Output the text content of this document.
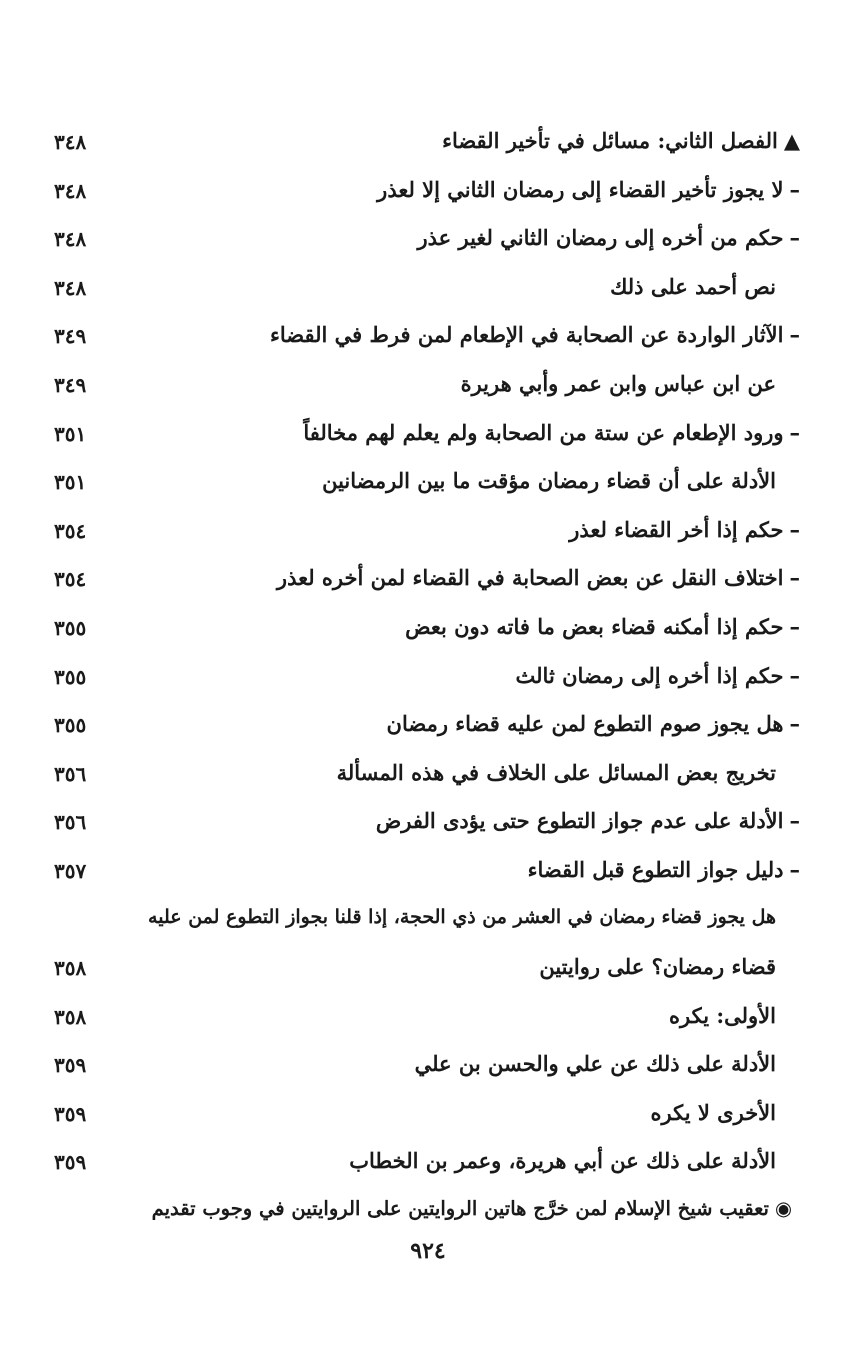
▲الفصل الثاني: مسائل في تأخير القضاء
٣٤٨
–لا يجوز تأخير القضاء إلى رمضان الثاني إلا لعذر
٣٤٨
–حكم من أخره إلى رمضان الثاني لغير عذر
٣٤٨
نص أحمد على ذلك
٣٤٨
–الآثار الواردة عن الصحابة في الإطعام لمن فرط في القضاء
٣٤٩
عن ابن عباس وابن عمر وأبي هريرة
٣٤٩
–ورود الإطعام عن ستة من الصحابة ولم يعلم لهم مخالفاً
٣٥١
الأدلة على أن قضاء رمضان مؤقت ما بين الرمضانين
٣٥١
–حكم إذا أخر القضاء لعذر
٣٥٤
–اختلاف النقل عن بعض الصحابة في القضاء لمن أخره لعذر
٣٥٤
–حكم إذا أمكنه قضاء بعض ما فاته دون بعض
٣٥٥
–حكم إذا أخره إلى رمضان ثالث
٣٥٥
–هل يجوز صوم التطوع لمن عليه قضاء رمضان
٣٥٥
تخريج بعض المسائل على الخلاف في هذه المسألة
٣٥٦
–الأدلة على عدم جواز التطوع حتى يؤدى الفرض
٣٥٦
–دليل جواز التطوع قبل القضاء
٣٥٧
هل يجوز قضاء رمضان في العشر من ذي الحجة، إذا قلنا بجواز التطوع لمن عليه
قضاء رمضان؟ على روايتين
٣٥٨
الأولى: يكره
٣٥٨
الأدلة على ذلك عن علي والحسن بن علي
٣٥٩
الأخرى لا يكره
٣٥٩
الأدلة على ذلك عن أبي هريرة، وعمر بن الخطاب
٣٥٩
◉تعقيب شيخ الإسلام لمن خرَّج هاتين الروايتين على الروايتين في وجوب تقديم
٩٢٤
